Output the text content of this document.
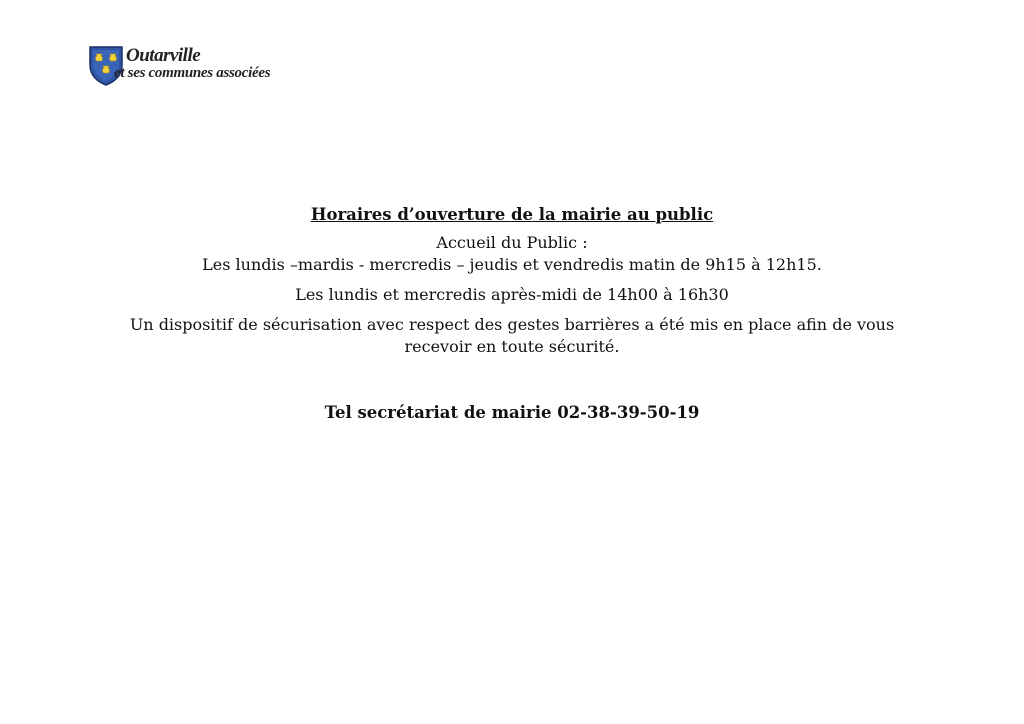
Outarville
et ses communes associées

Horaires d’ouverture de la mairie au public

Accueil du Public :

Les lundis –mardis - mercredis – jeudis et vendredis matin de 9h15 à 12h15.

Les lundis et mercredis après-midi de 14h00 à 16h30

Un dispositif de sécurisation avec respect des gestes barrières a été mis en place afin de vous recevoir en toute sécurité.

Tel secrétariat de mairie 02-38-39-50-19
